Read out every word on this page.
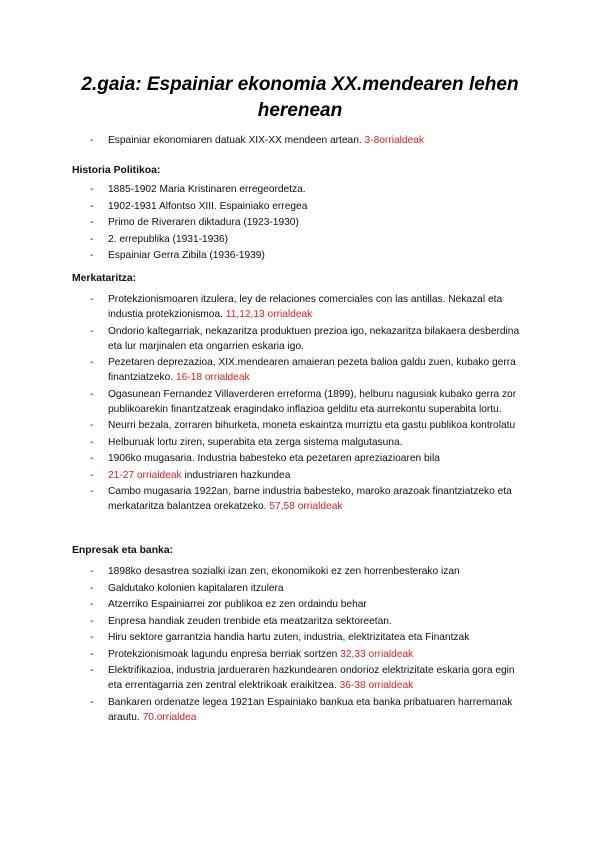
2.gaia: Espainiar ekonomia XX.mendearen lehen herenean
- Espainiar ekonomiaren datuak XIX-XX mendeen artean. 3-8orrialdeak
Historia Politikoa:
- 1885-1902 Maria Kristinaren erregeordetza.
- 1902-1931 Alfontso XIII. Espainiako erregea
- Primo de Riveraren diktadura (1923-1930)
- 2. errepublika (1931-1936)
- Espainiar Gerra Zibila (1936-1939)
Merkataritza:
- Protekzionismoaren itzulera, ley de relaciones comerciales con las antillas. Nekazal eta industia protekzionismoa. 11,12,13 orrialdeak
- Ondorio kaltegarriak, nekazaritza produktuen prezioa igo, nekazaritza bilakaera desberdina eta lur marjinalen eta ongarrien eskaria igo.
- Pezetaren deprezazioa, XIX.mendearen amaieran pezeta balioa galdu zuen, kubako gerra finantziatzeko. 16-18 orrialdeak
- Ogasunean Fernandez Villaverderen erreforma (1899), helburu nagusiak kubako gerra zor publikoarekin finantzatzeak eragindako inflazioa gelditu eta aurrekontu superabita lortu.
- Neurri bezala, zorraren bihurketa, moneta eskaintza murriztu eta gastu publikoa kontrolatu
- Helburuak lortu ziren, superabita eta zerga sistema malgutasuna.
- 1906ko mugasaria. Industria babesteko eta pezetaren apreziazioaren bila
- 21-27 orrialdeak industriaren hazkundea
- Cambo mugasaria 1922an, barne industria babesteko, maroko arazoak finantziatzeko eta merkataritza balantzea orekatzeko. 57,58 orrialdeak
Enpresak eta banka:
- 1898ko desastrea sozialki izan zen, ekonomikoki ez zen horrenbesterako izan
- Galdutako kolonien kapitalaren itzulera
- Atzerriko Espainiarrei zor publikoa ez zen ordaindu behar
- Enpresa handiak zeuden trenbide eta meatzaritza sektoreetan.
- Hiru sektore garrantzia handia hartu zuten, industria, elektrizitatea eta Finantzak
- Protekzionismoak lagundu enpresa berriak sortzen 32,33 orrialdeak
- Elektrifikazioa, industria jardueraren hazkundearen ondorioz elektrizitate eskaria gora egin eta errentagarria zen zentral elektrikoak eraikitzea. 36-38 orrialdeak
- Bankaren ordenatze legea 1921an Espainiako bankua eta banka pribatuaren harremanak arautu. 70.orrialdea
